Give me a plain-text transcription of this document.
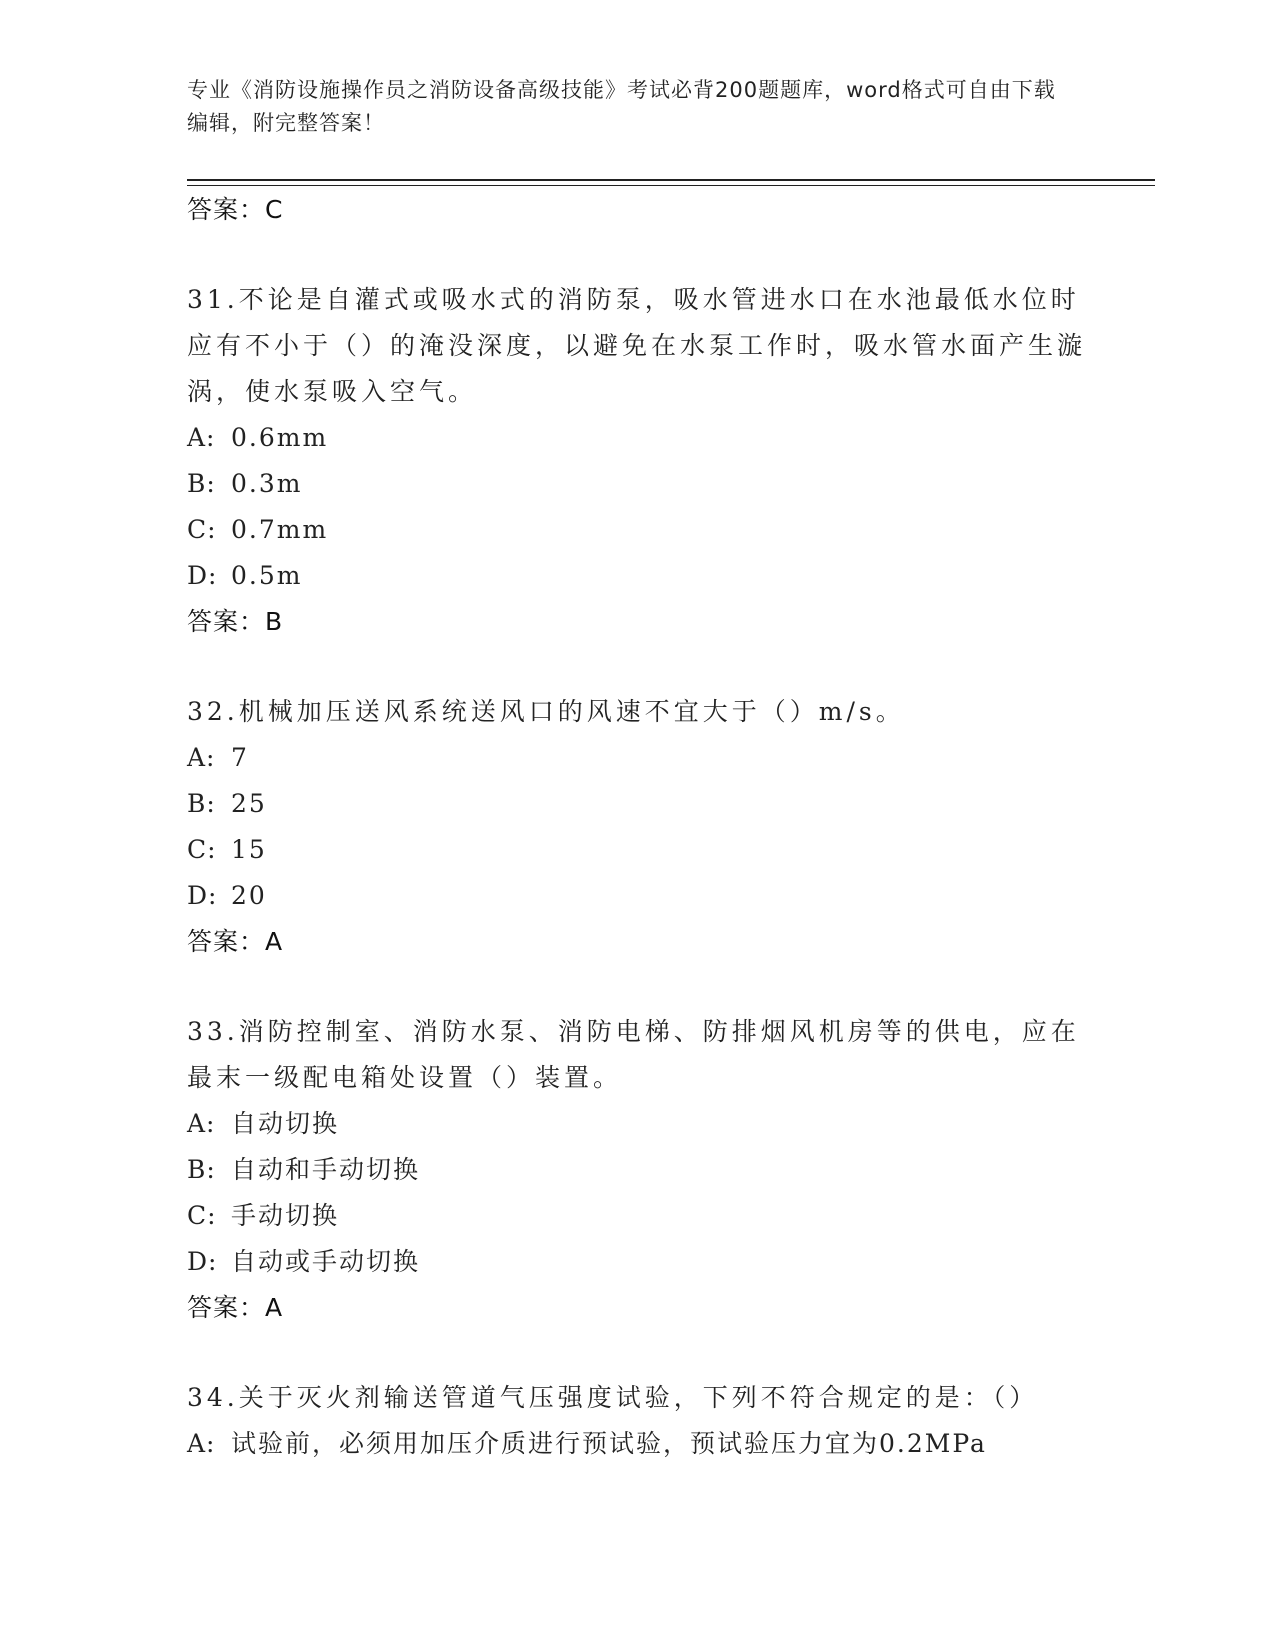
专业《消防设施操作员之消防设备高级技能》考试必背200题题库，word格式可自由下载编辑，附完整答案！
答案：C
31.不论是自灌式或吸水式的消防泵，吸水管进水口在水池最低水位时应有不小于（）的淹没深度，以避免在水泵工作时，吸水管水面产生漩涡，使水泵吸入空气。
A: 0.6mm
B: 0.3m
C: 0.7mm
D: 0.5m
答案：B
32.机械加压送风系统送风口的风速不宜大于（）m/s。
A: 7
B: 25
C: 15
D: 20
答案：A
33.消防控制室、消防水泵、消防电梯、防排烟风机房等的供电，应在最末一级配电箱处设置（）装置。
A: 自动切换
B: 自动和手动切换
C: 手动切换
D: 自动或手动切换
答案：A
34.关于灭火剂输送管道气压强度试验，下列不符合规定的是：（）
A: 试验前，必须用加压介质进行预试验，预试验压力宜为0.2MPa
